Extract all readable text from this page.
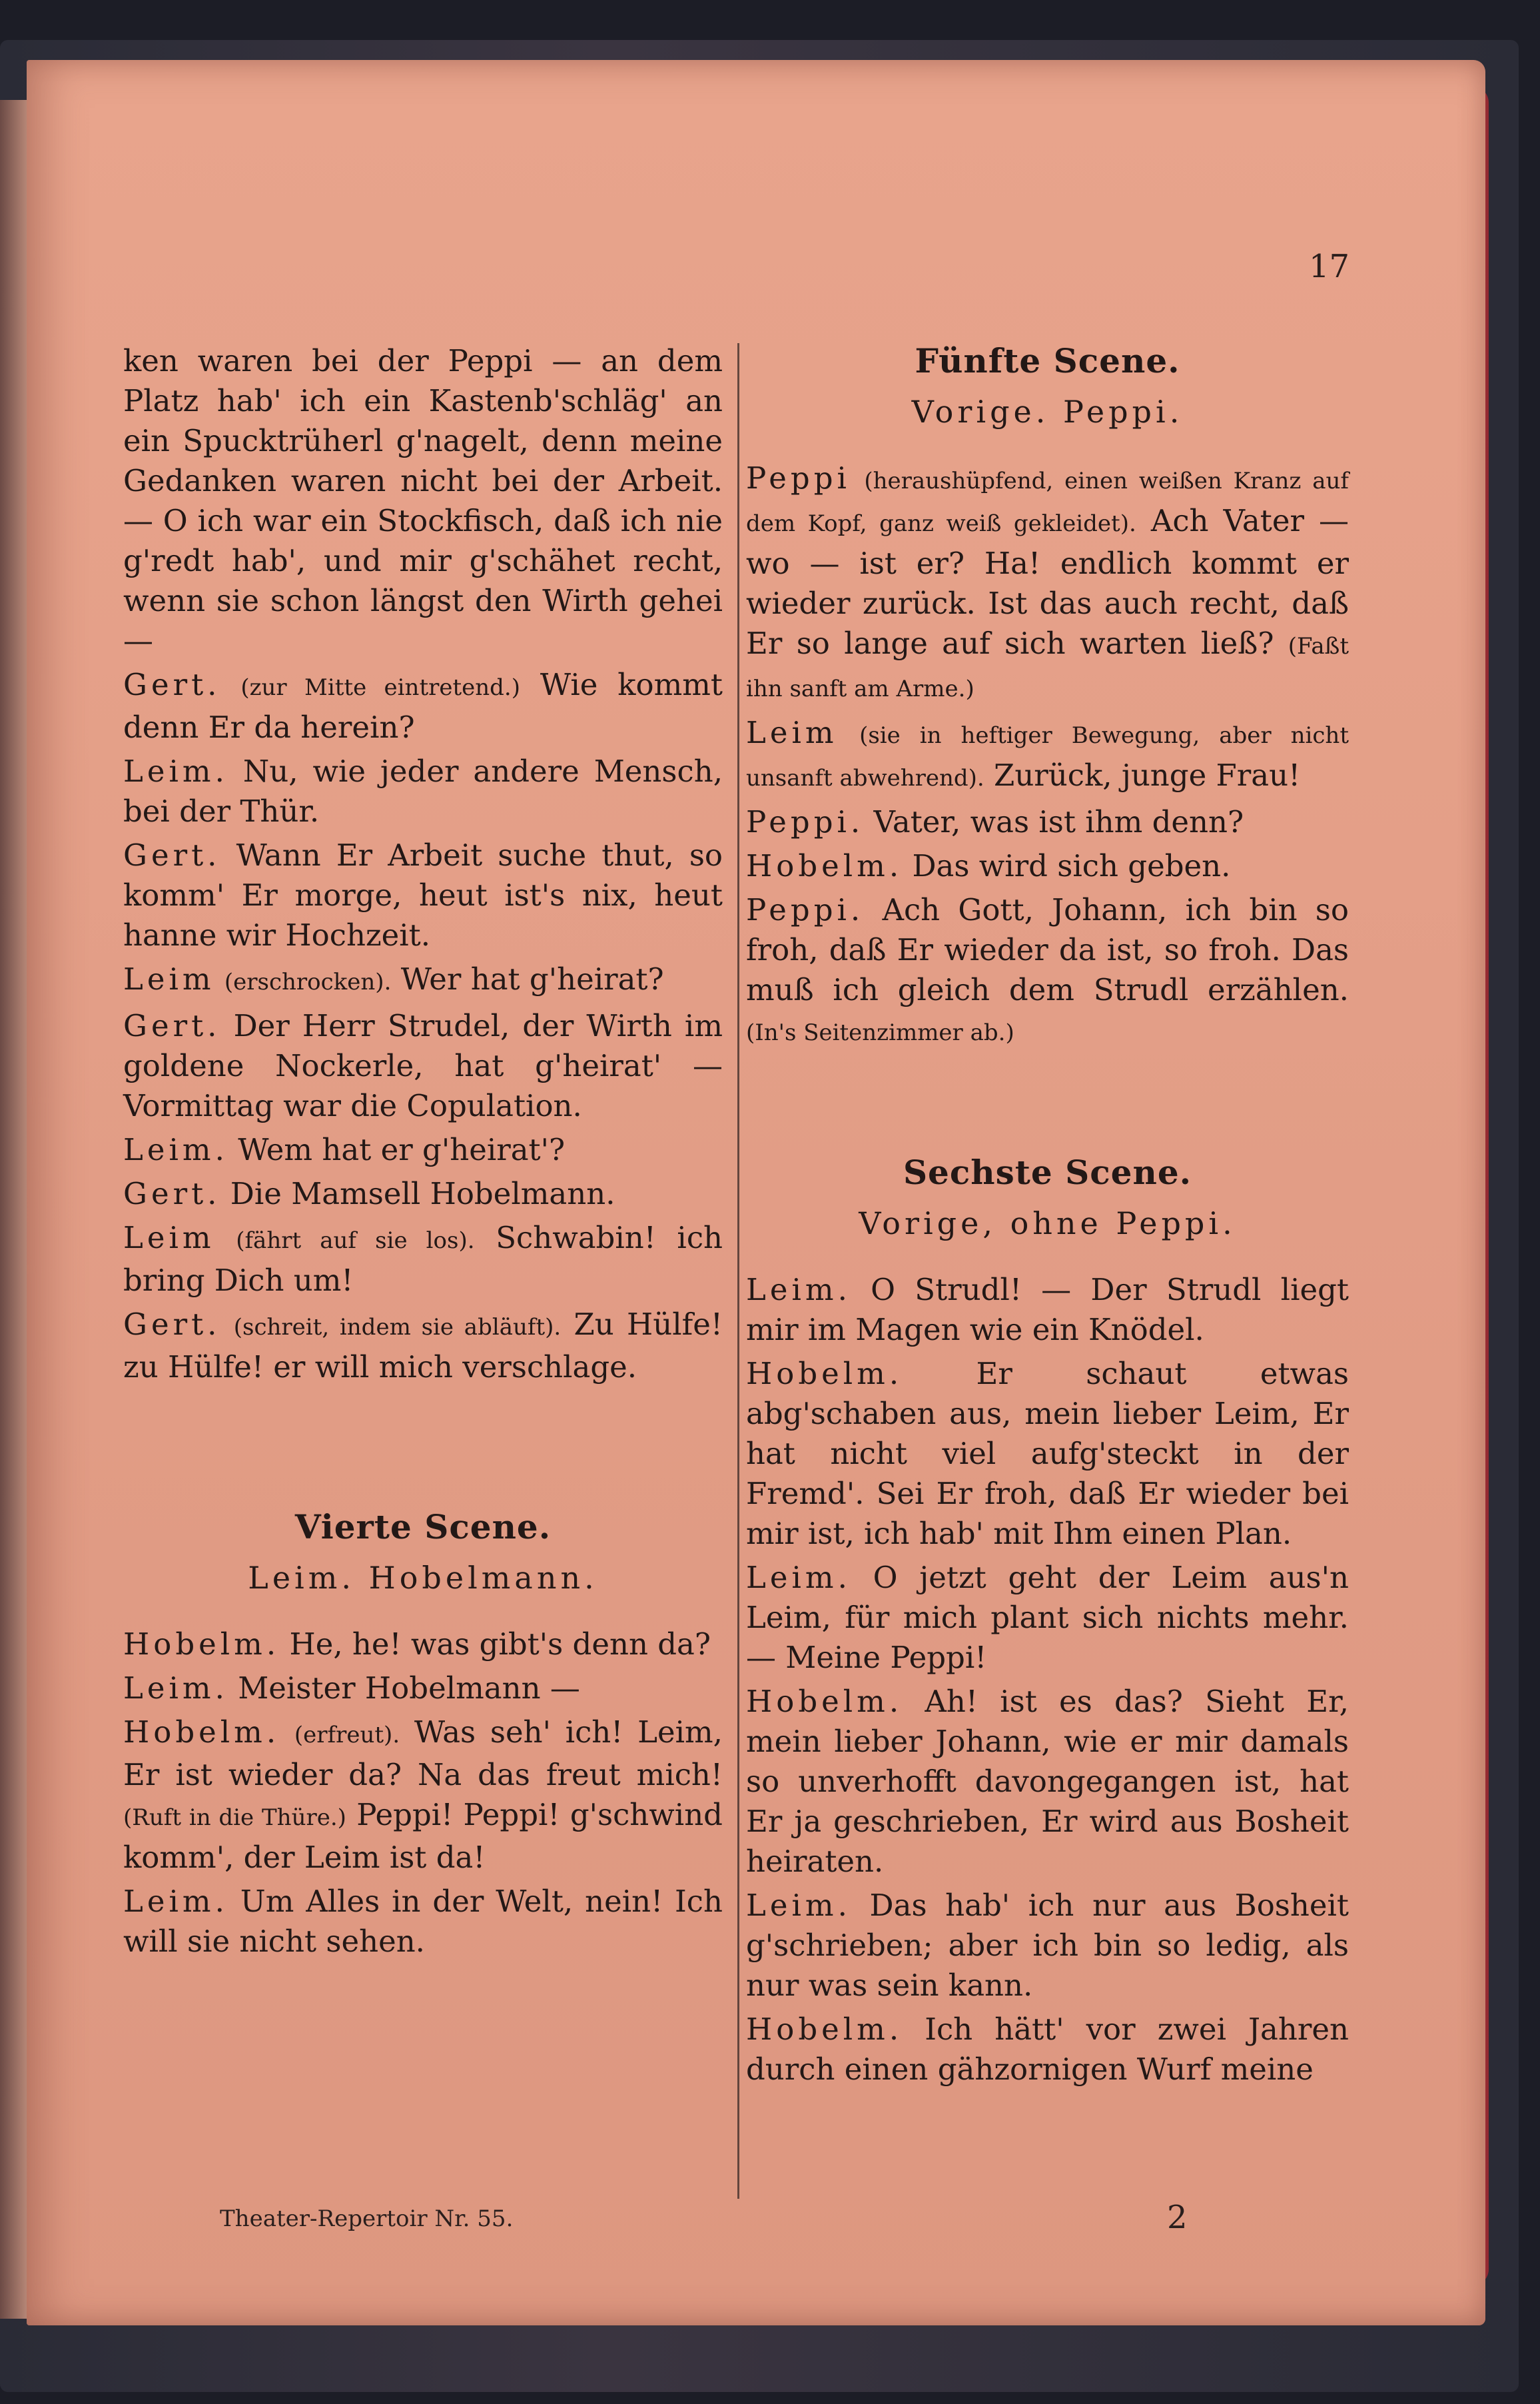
17

ken waren bei der Peppi — an dem Platz hab' ich ein Kastenb'schläg' an ein Spucktrüherl g'nagelt, denn meine Gedanken waren nicht bei der Arbeit. — O ich war ein Stockfisch, daß ich nie g'redt hab', und mir g'schähet recht, wenn sie schon längst den Wirth gehei—

Gert. (zur Mitte eintretend.) Wie kommt denn Er da herein?

Leim. Nu, wie jeder andere Mensch, bei der Thür.

Gert. Wann Er Arbeit suche thut, so komm' Er morge, heut ist's nix, heut hanne wir Hochzeit.

Leim (erschrocken). Wer hat g'heirat?

Gert. Der Herr Strudel, der Wirth im goldene Nockerle, hat g'heirat' — Vormittag war die Copulation.

Leim. Wem hat er g'heirat'?

Gert. Die Mamsell Hobelmann.

Leim (fährt auf sie los). Schwabin! ich bring Dich um!

Gert. (schreit, indem sie abläuft). Zu Hülfe! zu Hülfe! er will mich verschlage.

Vierte Scene.
Leim. Hobelmann.

Hobelm. He, he! was gibt's denn da?

Leim. Meister Hobelmann —

Hobelm. (erfreut). Was seh' ich! Leim, Er ist wieder da? Na das freut mich! (Ruft in die Thüre.) Peppi! Peppi! g'schwind komm', der Leim ist da!

Leim. Um Alles in der Welt, nein! Ich will sie nicht sehen.

Fünfte Scene.
Vorige. Peppi.

Peppi (heraushüpfend, einen weißen Kranz auf dem Kopf, ganz weiß gekleidet). Ach Vater — wo — ist er? Ha! endlich kommt er wieder zurück. Ist das auch recht, daß Er so lange auf sich warten ließ? (Faßt ihn sanft am Arme.)

Leim (sie in heftiger Bewegung, aber nicht unsanft abwehrend). Zurück, junge Frau!

Peppi. Vater, was ist ihm denn?

Hobelm. Das wird sich geben.

Peppi. Ach Gott, Johann, ich bin so froh, daß Er wieder da ist, so froh. Das muß ich gleich dem Strudl erzählen. (In's Seitenzimmer ab.)

Sechste Scene.
Vorige, ohne Peppi.

Leim. O Strudl! — Der Strudl liegt mir im Magen wie ein Knödel.

Hobelm. Er schaut etwas abg'schaben aus, mein lieber Leim, Er hat nicht viel aufg'steckt in der Fremd'. Sei Er froh, daß Er wieder bei mir ist, ich hab' mit Ihm einen Plan.

Leim. O jetzt geht der Leim aus'n Leim, für mich plant sich nichts mehr. — Meine Peppi!

Hobelm. Ah! ist es das? Sieht Er, mein lieber Johann, wie er mir damals so unverhofft davongegangen ist, hat Er ja geschrieben, Er wird aus Bosheit heiraten.

Leim. Das hab' ich nur aus Bosheit g'schrieben; aber ich bin so ledig, als nur was sein kann.

Hobelm. Ich hätt' vor zwei Jahren durch einen gähzornigen Wurf meine

Theater-Repertoir Nr. 55.	2
